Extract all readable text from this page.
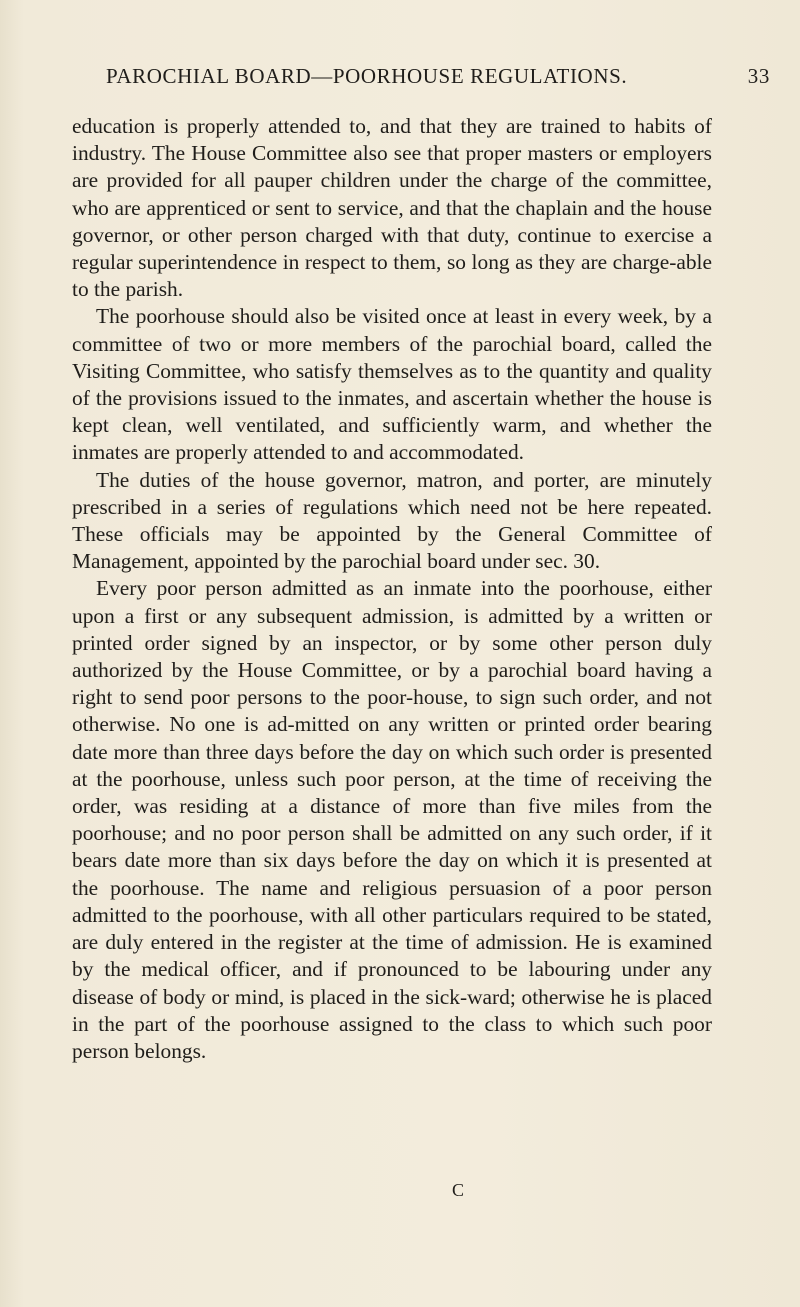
PAROCHIAL BOARD—POORHOUSE REGULATIONS.	33

education is properly attended to, and that they are trained to habits of industry. The House Committee also see that proper masters or employers are provided for all pauper children under the charge of the committee, who are apprenticed or sent to service, and that the chaplain and the house governor, or other person charged with that duty, continue to exercise a regular superintendence in respect to them, so long as they are charge-able to the parish.

The poorhouse should also be visited once at least in every week, by a committee of two or more members of the parochial board, called the Visiting Committee, who satisfy themselves as to the quantity and quality of the provisions issued to the inmates, and ascertain whether the house is kept clean, well ventilated, and sufficiently warm, and whether the inmates are properly attended to and accommodated.

The duties of the house governor, matron, and porter, are minutely prescribed in a series of regulations which need not be here repeated. These officials may be appointed by the General Committee of Management, appointed by the parochial board under sec. 30.

Every poor person admitted as an inmate into the poorhouse, either upon a first or any subsequent admission, is admitted by a written or printed order signed by an inspector, or by some other person duly authorized by the House Committee, or by a parochial board having a right to send poor persons to the poor-house, to sign such order, and not otherwise. No one is ad-mitted on any written or printed order bearing date more than three days before the day on which such order is presented at the poorhouse, unless such poor person, at the time of receiving the order, was residing at a distance of more than five miles from the poorhouse; and no poor person shall be admitted on any such order, if it bears date more than six days before the day on which it is presented at the poorhouse. The name and religious persuasion of a poor person admitted to the poorhouse, with all other particulars required to be stated, are duly entered in the register at the time of admission. He is examined by the medical officer, and if pronounced to be labouring under any disease of body or mind, is placed in the sick-ward; otherwise he is placed in the part of the poorhouse assigned to the class to which such poor person belongs.

C
